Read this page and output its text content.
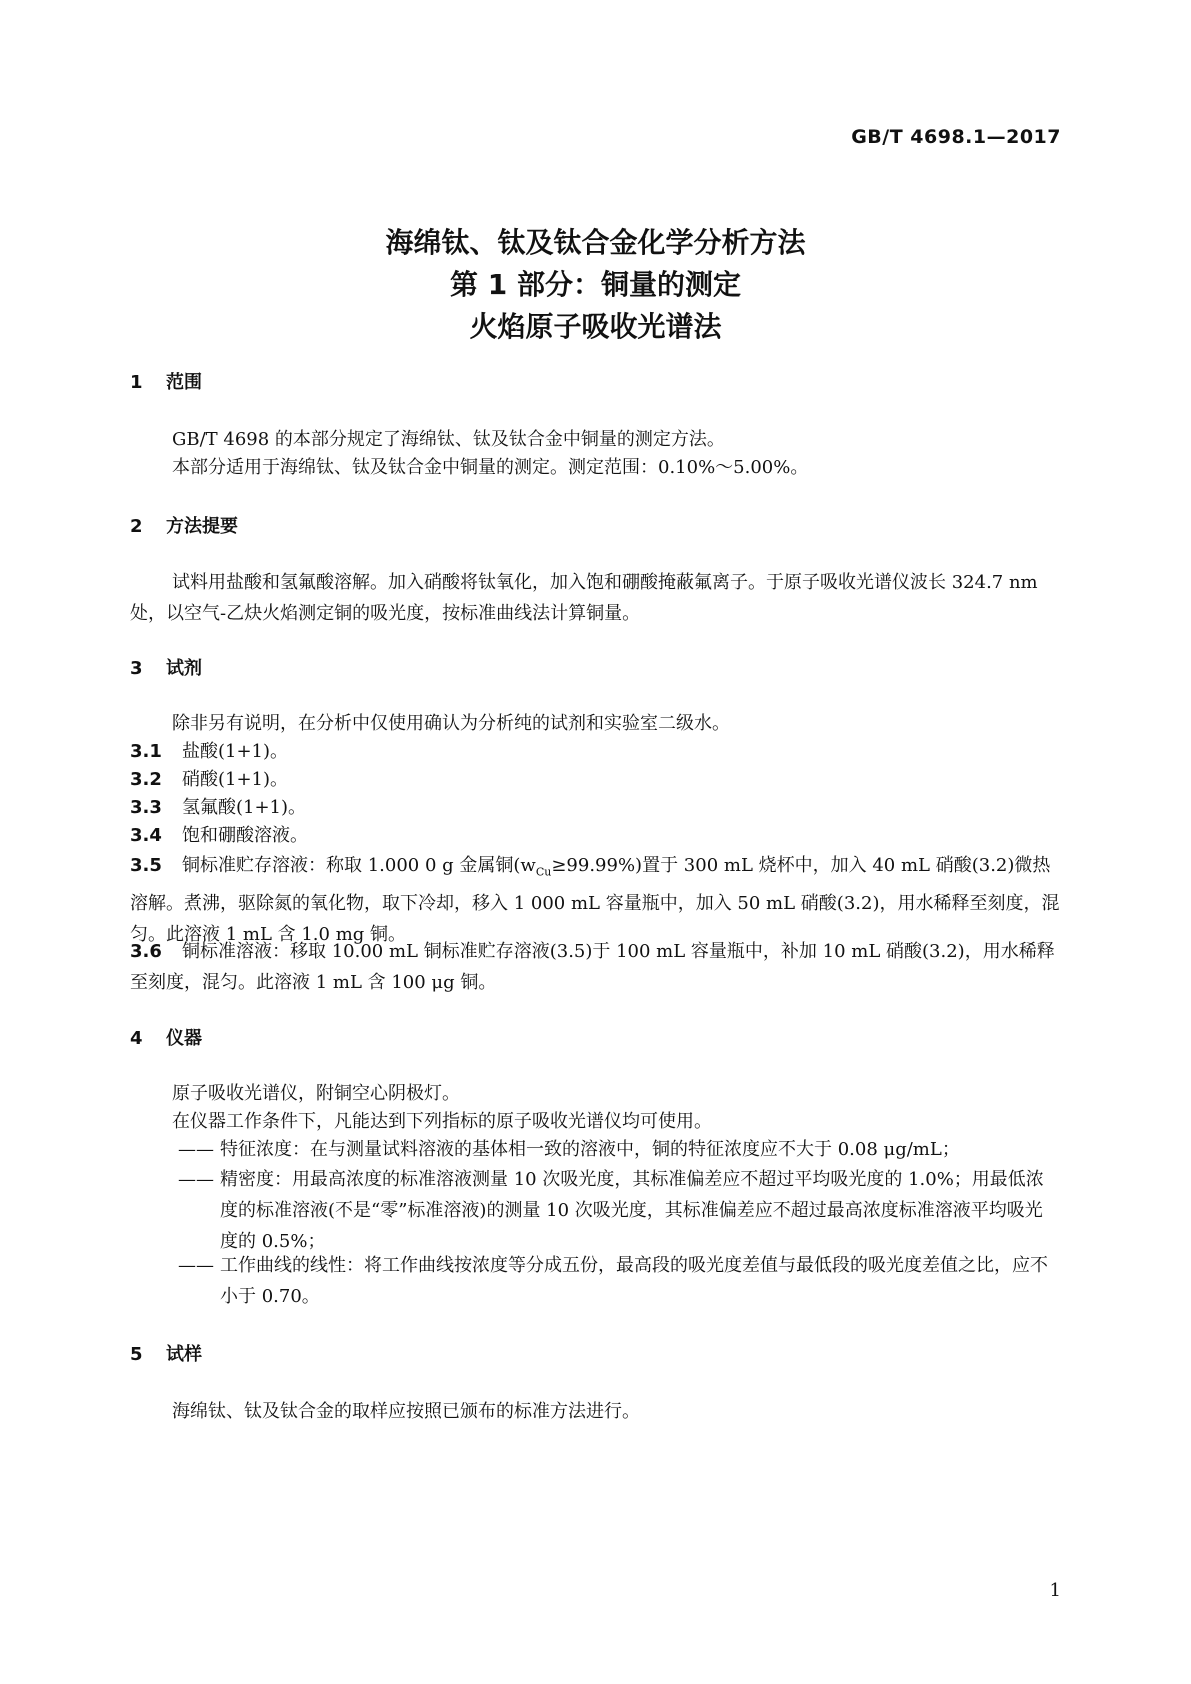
GB/T 4698.1—2017
海绵钛、钛及钛合金化学分析方法
第 1 部分：铜量的测定
火焰原子吸收光谱法
1 范围
GB/T 4698 的本部分规定了海绵钛、钛及钛合金中铜量的测定方法。
本部分适用于海绵钛、钛及钛合金中铜量的测定。测定范围：0.10%～5.00%。
2 方法提要
试料用盐酸和氢氟酸溶解。加入硝酸将钛氧化，加入饱和硼酸掩蔽氟离子。于原子吸收光谱仪波长 324.7 nm 处，以空气-乙炔火焰测定铜的吸光度，按标准曲线法计算铜量。
3 试剂
除非另有说明，在分析中仅使用确认为分析纯的试剂和实验室二级水。
3.1 盐酸(1+1)。
3.2 硝酸(1+1)。
3.3 氢氟酸(1+1)。
3.4 饱和硼酸溶液。
3.5 铜标准贮存溶液：称取 1.000 0 g 金属铜$(w_{Cu}\ge 99.99\%)$置于 300 mL 烧杯中，加入 40 mL 硝酸(3.2)微热溶解。煮沸，驱除氮的氧化物，取下冷却，移入 1 000 mL 容量瓶中，加入 50 mL 硝酸(3.2)，用水稀释至刻度，混匀。此溶液 1 mL 含 1.0 mg 铜。
3.6 铜标准溶液：移取 10.00 mL 铜标准贮存溶液(3.5)于 100 mL 容量瓶中，补加 10 mL 硝酸(3.2)，用水稀释至刻度，混匀。此溶液 1 mL 含 100 μg 铜。
4 仪器
原子吸收光谱仪，附铜空心阴极灯。
在仪器工作条件下，凡能达到下列指标的原子吸收光谱仪均可使用。
—— 特征浓度：在与测量试料溶液的基体相一致的溶液中，铜的特征浓度应不大于 0.08 μg/mL；
—— 精密度：用最高浓度的标准溶液测量 10 次吸光度，其标准偏差应不超过平均吸光度的 1.0%；用最低浓度的标准溶液(不是“零”标准溶液)的测量 10 次吸光度，其标准偏差应不超过最高浓度标准溶液平均吸光度的 0.5%；
—— 工作曲线的线性：将工作曲线按浓度等分成五份，最高段的吸光度差值与最低段的吸光度差值之比，应不小于 0.70。
5 试样
海绵钛、钛及钛合金的取样应按照已颁布的标准方法进行。
1
